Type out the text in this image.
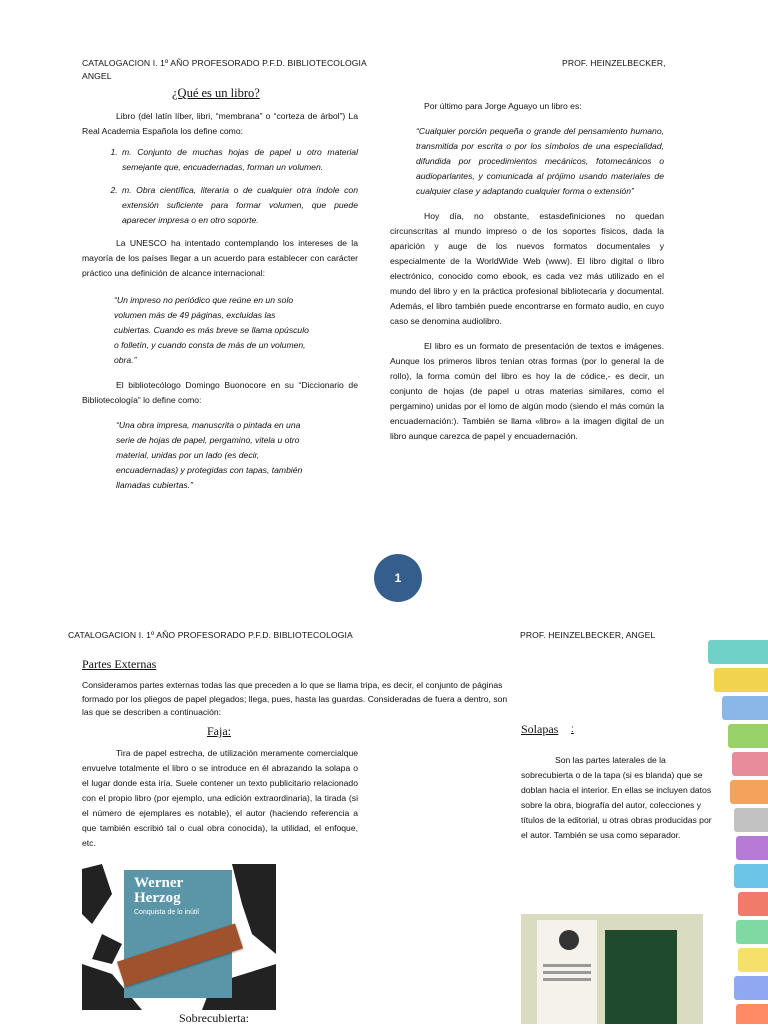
CATALOGACION I. 1º AÑO PROFESORADO P.F.D. BIBLIOTECOLOGIA	PROF. HEINZELBECKER,
ANGEL
¿Qué es un libro?
Libro (del latín líber, libri, “membrana” o “corteza de árbol”) La Real Academia Española los define como:
1. m. Conjunto de muchas hojas de papel u otro material semejante que, encuadernadas, forman un volumen.
2. m. Obra científica, literaria o de cualquier otra índole con extensión suficiente para formar volumen, que puede aparecer impresa o en otro soporte.
La UNESCO ha intentado contemplando los intereses de la mayoría de los países llegar a un acuerdo para establecer con carácter práctico una definición de alcance internacional:
“Un impreso no periódico que reúne en un solo volumen más de 49 páginas, excluidas las cubiertas. Cuando es más breve se llama opúsculo o folletín, y cuando consta de más de un volumen, obra.”
El bibliotecólogo Domingo Buonocore en su “Diccionario de Bibliotecología” lo define como:
“Una obra impresa, manuscrita o pintada en una serie de hojas de papel, pergamino, vitela u otro material, unidas por un lado (es decir, encuadernadas) y protegidas con tapas, también llamadas cubiertas.”
Por último para Jorge Aguayo un libro es:
“Cualquier porción pequeña o grande del pensamiento humano, transmitida por escrita o por los símbolos de una especialidad, difundida por procedimientos mecánicos, fotomecánicos o audioparlantes, y comunicada al prójimo usando materiales de cualquier clase y adaptando cualquier forma o extensión”
Hoy día, no obstante, estasdefiniciones no quedan circunscritas al mundo impreso o de los soportes físicos, dada la aparición y auge de los nuevos formatos documentales y especialmente de la WorldWide Web (www). El libro digital o libro electrónico, conocido como ebook, es cada vez más utilizado en el mundo del libro y en la práctica profesional bibliotecaria y documental. Además, el libro también puede encontrarse en formato audio, en cuyo caso se denomina audiolibro.
El libro es un formato de presentación de textos e imágenes. Aunque los primeros libros tenían otras formas (por lo general la de rollo), la forma común del libro es hoy la de códice,- es decir, un conjunto de hojas (de papel u otras materias similares, como el pergamino) unidas por el lomo de algún modo (siendo el más común la encuadernación:). También se llama «libro» a la imagen digital de un libro aunque carezca de papel y encuadernación.
1
CATALOGACION I. 1º AÑO PROFESORADO P.F.D. BIBLIOTECOLOGIA	PROF. HEINZELBECKER, ANGEL
Partes Externas
Consideramos partes externas todas las que preceden a lo que se llama tripa, es decir, el conjunto de páginas formado por los pliegos de papel plegados; llega, pues, hasta las guardas. Consideradas de fuera a dentro, son las que se describen a continuación:
Faja:
Tira de papel estrecha, de utilización meramente comercialque envuelve totalmente el libro o se introduce en él abrazando la solapa o el lugar donde esta iría. Suele contener un texto publicitario relacionado con el propio libro (por ejemplo, una edición extraordinaria), la tirada (si el número de ejemplares es notable), el autor (haciendo referencia a que también escribió tal o cual obra conocida), la utilidad, el enfoque, etc.
Werner Herzog
Conquista de lo inútil
Sobrecubierta:
Solapas :
Son las partes laterales de la sobrecubierta o de la tapa (si es blanda) que se doblan hacia el interior. En ellas se incluyen datos sobre la obra, biografía del autor, colecciones y títulos de la editorial, u otras obras producidas por el autor. También se usa como separador.
